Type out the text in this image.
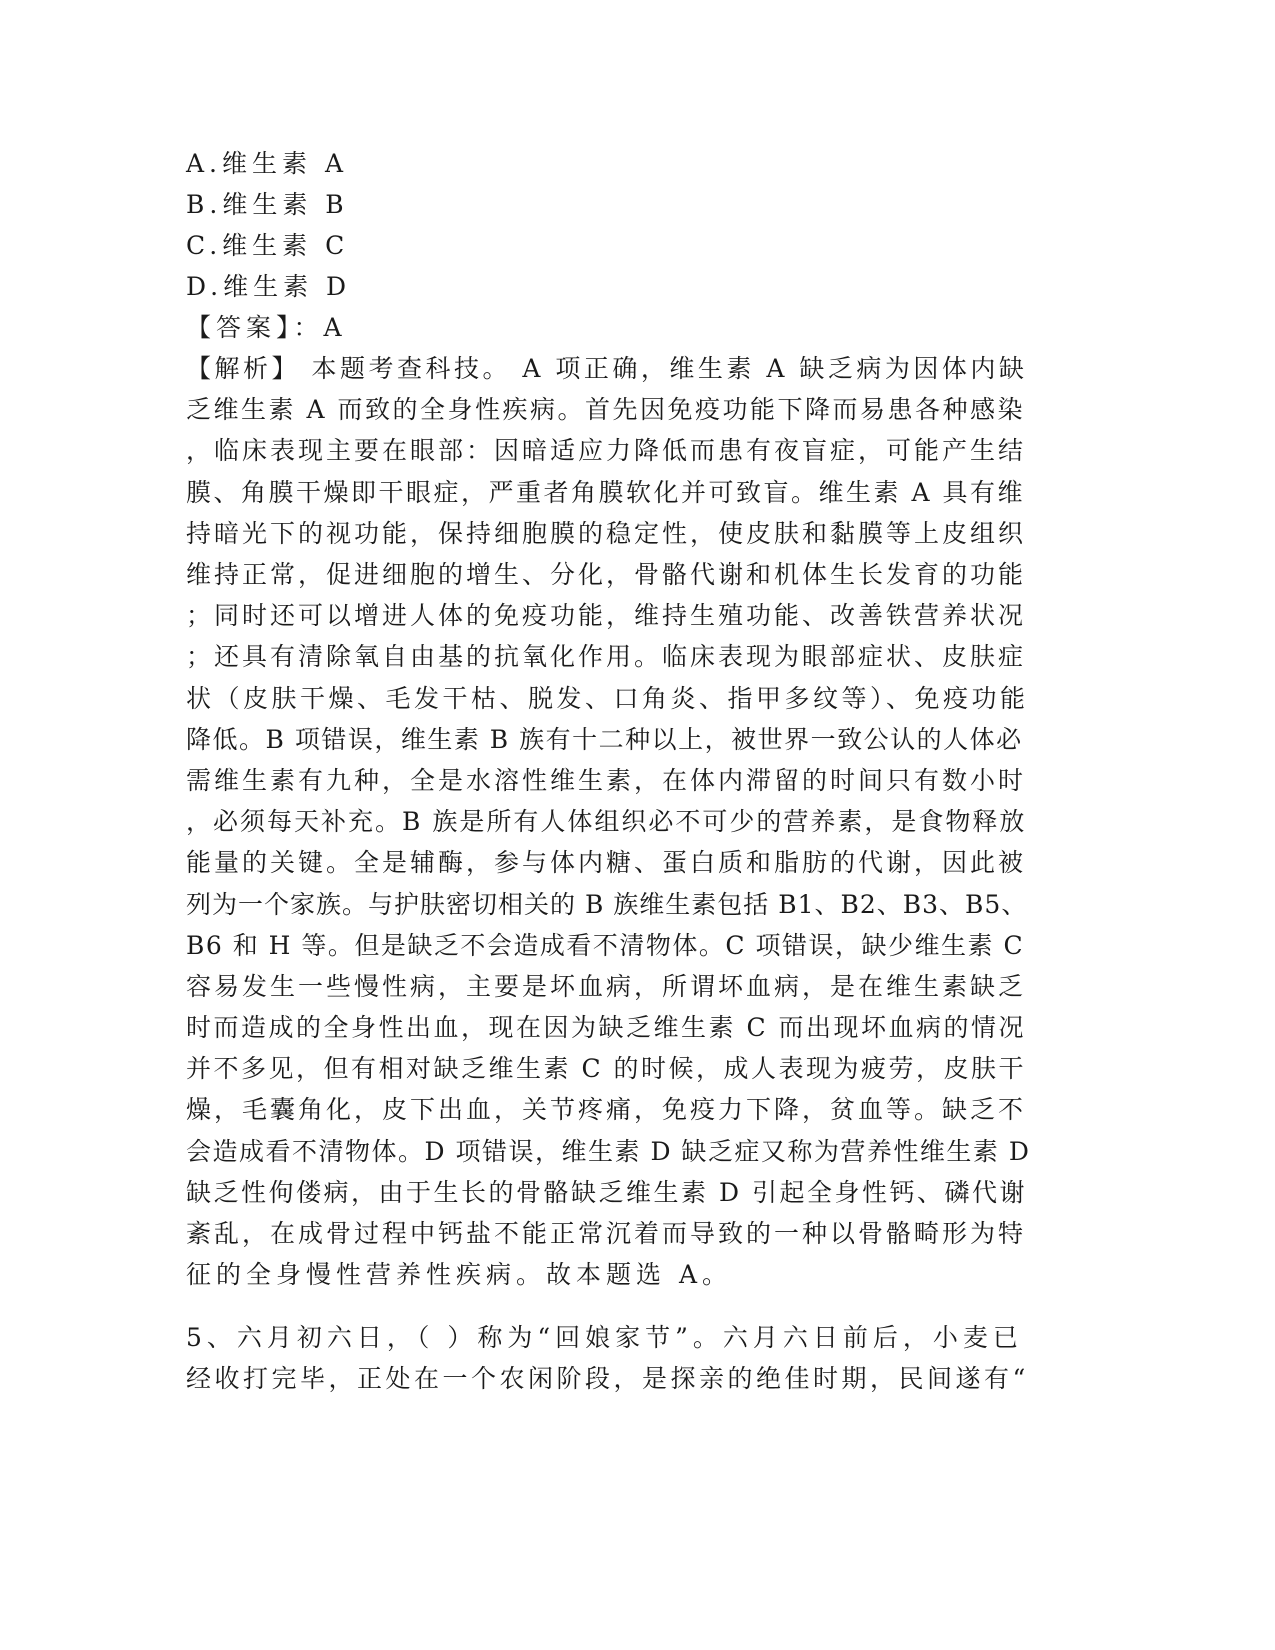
A.维生素 A
B.维生素 B
C.维生素 C
D.维生素 D
【答案】：A
【解析】 本题考查科技。 A 项正确，维生素 A 缺乏病为因体内缺
乏维生素 A 而致的全身性疾病。首先因免疫功能下降而易患各种感染
，临床表现主要在眼部：因暗适应力降低而患有夜盲症，可能产生结
膜、角膜干燥即干眼症，严重者角膜软化并可致盲。维生素 A 具有维
持暗光下的视功能，保持细胞膜的稳定性，使皮肤和黏膜等上皮组织
维持正常，促进细胞的增生、分化，骨骼代谢和机体生长发育的功能
；同时还可以增进人体的免疫功能，维持生殖功能、改善铁营养状况
；还具有清除氧自由基的抗氧化作用。临床表现为眼部症状、皮肤症
状（皮肤干燥、毛发干枯、脱发、口角炎、指甲多纹等）、免疫功能
降低。B 项错误，维生素 B 族有十二种以上，被世界一致公认的人体必
需维生素有九种，全是水溶性维生素，在体内滞留的时间只有数小时
，必须每天补充。B 族是所有人体组织必不可少的营养素，是食物释放
能量的关键。全是辅酶，参与体内糖、蛋白质和脂肪的代谢，因此被
列为一个家族。与护肤密切相关的 B 族维生素包括 B1、B2、B3、B5、
B6 和 H 等。但是缺乏不会造成看不清物体。C 项错误，缺少维生素 C
容易发生一些慢性病，主要是坏血病，所谓坏血病，是在维生素缺乏
时而造成的全身性出血，现在因为缺乏维生素 C 而出现坏血病的情况
并不多见，但有相对缺乏维生素 C 的时候，成人表现为疲劳，皮肤干
燥，毛囊角化，皮下出血，关节疼痛，免疫力下降，贫血等。缺乏不
会造成看不清物体。D 项错误，维生素 D 缺乏症又称为营养性维生素 D
缺乏性佝偻病，由于生长的骨骼缺乏维生素 D 引起全身性钙、磷代谢
紊乱，在成骨过程中钙盐不能正常沉着而导致的一种以骨骼畸形为特
征的全身慢性营养性疾病。故本题选 A。
5、六月初六日，（ ）称为“回娘家节”。六月六日前后，小麦已
经收打完毕，正处在一个农闲阶段，是探亲的绝佳时期，民间遂有“
